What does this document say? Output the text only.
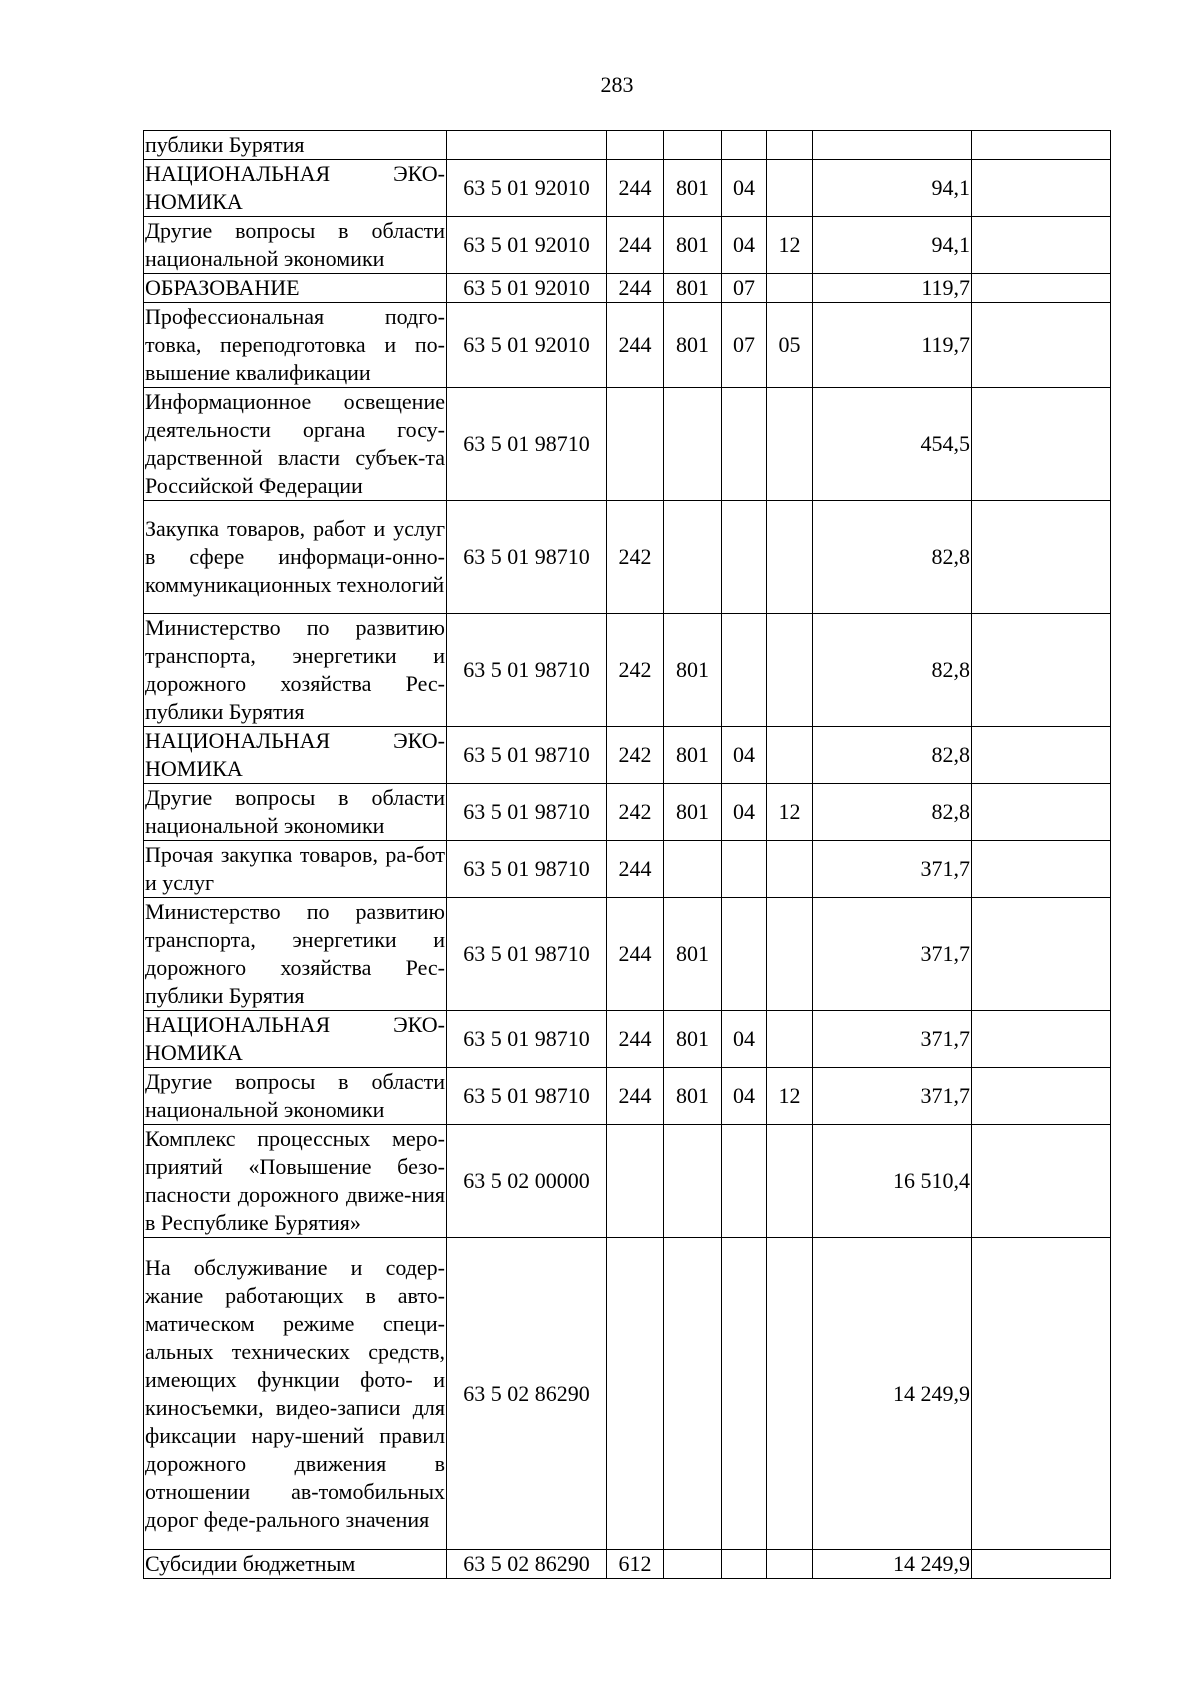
283
публики Бурятия							
НАЦИОНАЛЬНАЯ ЭКО-НОМИКА	63 5 01 92010	244	801	04		94,1	
Другие вопросы в области национальной экономики	63 5 01 92010	244	801	04	12	94,1	
ОБРАЗОВАНИЕ	63 5 01 92010	244	801	07		119,7	
Профессиональная подго-товка, переподготовка и по-вышение квалификации	63 5 01 92010	244	801	07	05	119,7	
Информационное освещение деятельности органа госу-дарственной власти субъек-та Российской Федерации	63 5 01 98710					454,5	
Закупка товаров, работ и услуг в сфере информаци-онно-коммуникационных технологий	63 5 01 98710	242				82,8	
Министерство по развитию транспорта, энергетики и дорожного хозяйства Рес-публики Бурятия	63 5 01 98710	242	801			82,8	
НАЦИОНАЛЬНАЯ ЭКО-НОМИКА	63 5 01 98710	242	801	04		82,8	
Другие вопросы в области национальной экономики	63 5 01 98710	242	801	04	12	82,8	
Прочая закупка товаров, ра-бот и услуг	63 5 01 98710	244				371,7	
Министерство по развитию транспорта, энергетики и дорожного хозяйства Рес-публики Бурятия	63 5 01 98710	244	801			371,7	
НАЦИОНАЛЬНАЯ ЭКО-НОМИКА	63 5 01 98710	244	801	04		371,7	
Другие вопросы в области национальной экономики	63 5 01 98710	244	801	04	12	371,7	
Комплекс процессных меро-приятий «Повышение безо-пасности дорожного движе-ния в Республике Бурятия»	63 5 02 00000					16 510,4	
На обслуживание и содер-жание работающих в авто-матическом режиме специ-альных технических средств, имеющих функции фото- и киносъемки, видео-записи для фиксации нару-шений правил дорожного движения в отношении ав-томобильных дорог феде-рального значения	63 5 02 86290					14 249,9	
Субсидии бюджетным	63 5 02 86290	612				14 249,9	
